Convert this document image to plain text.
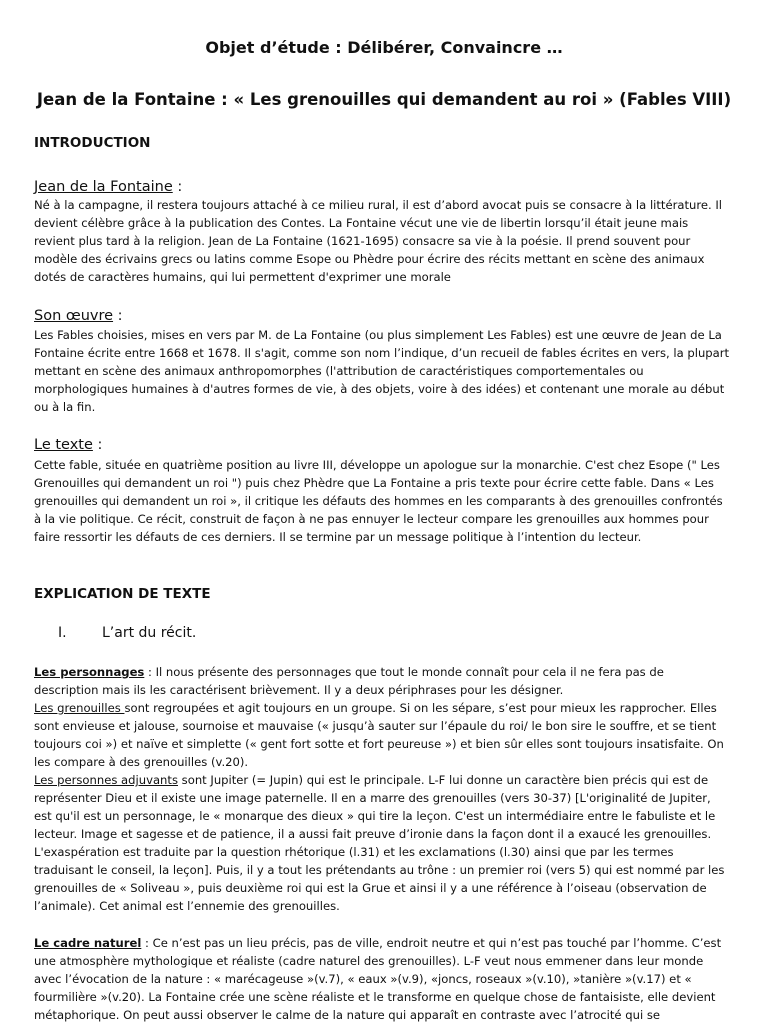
Objet d’étude : Délibérer, Convaincre …
Jean de la Fontaine : « Les grenouilles qui demandent au roi » (Fables VIII)
INTRODUCTION

Jean de la Fontaine :

Né à la campagne, il restera toujours attaché à ce milieu rural, il est d’abord avocat puis se consacre à la littérature. Il devient célèbre grâce à la publication des Contes. La Fontaine vécut une vie de libertin lorsqu’il était jeune mais revient plus tard à la religion. Jean de La Fontaine (1621-1695) consacre sa vie à la poésie. Il prend souvent pour modèle des écrivains grecs ou latins comme Esope ou Phèdre pour écrire des récits mettant en scène des animaux dotés de caractères humains, qui lui permettent d'exprimer une morale

Son œuvre :

Les Fables choisies, mises en vers par M. de La Fontaine (ou plus simplement Les Fables) est une œuvre de Jean de La Fontaine écrite entre 1668 et 1678. Il s'agit, comme son nom l’indique, d’un recueil de fables écrites en vers, la plupart mettant en scène des animaux anthropomorphes (l'attribution de caractéristiques comportementales ou morphologiques humaines à d'autres formes de vie, à des objets, voire à des idées) et contenant une morale au début ou à la fin.

Le texte :

Cette fable, située en quatrième position au livre III, développe un apologue sur la monarchie. C'est chez Esope (" Les Grenouilles qui demandent un roi ") puis chez Phèdre que La Fontaine a pris texte pour écrire cette fable. Dans « Les grenouilles qui demandent un roi », il critique les défauts des hommes en les comparants à des grenouilles confrontés à la vie politique. Ce récit, construit de façon à ne pas ennuyer le lecteur compare les grenouilles aux hommes pour faire ressortir les défauts de ces derniers. Il se termine par un message politique à l’intention du lecteur.

EXPLICATION DE TEXTE

I.	L’art du récit.

Les personnages : Il nous présente des personnages que tout le monde connaît pour cela il ne fera pas de description mais ils les caractérisent brièvement. Il y a deux périphrases pour les désigner.
Les grenouilles sont regroupées et agit toujours en un groupe. Si on les sépare, s’est pour mieux les rapprocher. Elles sont envieuse et jalouse, sournoise et mauvaise (« jusqu’à sauter sur l’épaule du roi/ le bon sire le souffre, et se tient toujours coi ») et naïve et simplette (« gent fort sotte et fort peureuse ») et bien sûr elles sont toujours insatisfaite. On les compare à des grenouilles (v.20).
Les personnes adjuvants sont Jupiter (= Jupin) qui est le principale. L-F lui donne un caractère bien précis qui est de représenter Dieu et il existe une image paternelle. Il en a marre des grenouilles (vers 30-37) [L'originalité de Jupiter, est qu'il est un personnage, le « monarque des dieux » qui tire la leçon. C'est un intermédiaire entre le fabuliste et le lecteur. Image et sagesse et de patience, il a aussi fait preuve d’ironie dans la façon dont il a exaucé les grenouilles. L'exaspération est traduite par la question rhétorique (l.31) et les exclamations (l.30) ainsi que par les termes traduisant le conseil, la leçon]. Puis, il y a tout les prétendants au trône : un premier roi (vers 5) qui est nommé par les grenouilles de « Soliveau », puis deuxième roi qui est la Grue et ainsi il y a une référence à l’oiseau (observation de l’animale). Cet animal est l’ennemie des grenouilles.

Le cadre naturel : Ce n’est pas un lieu précis, pas de ville, endroit neutre et qui n’est pas touché par l’homme. C’est une atmosphère mythologique et réaliste (cadre naturel des grenouilles). L-F veut nous emmener dans leur monde avec l’évocation de la nature : « marécageuse »(v.7), « eaux »(v.9), «joncs, roseaux »(v.10), »tanière »(v.17) et « fourmilière »(v.20). La Fontaine crée une scène réaliste et le transforme en quelque chose de fantaisiste, elle devient métaphorique. On peut aussi observer le calme de la nature qui apparaît en contraste avec l’atrocité qui se
